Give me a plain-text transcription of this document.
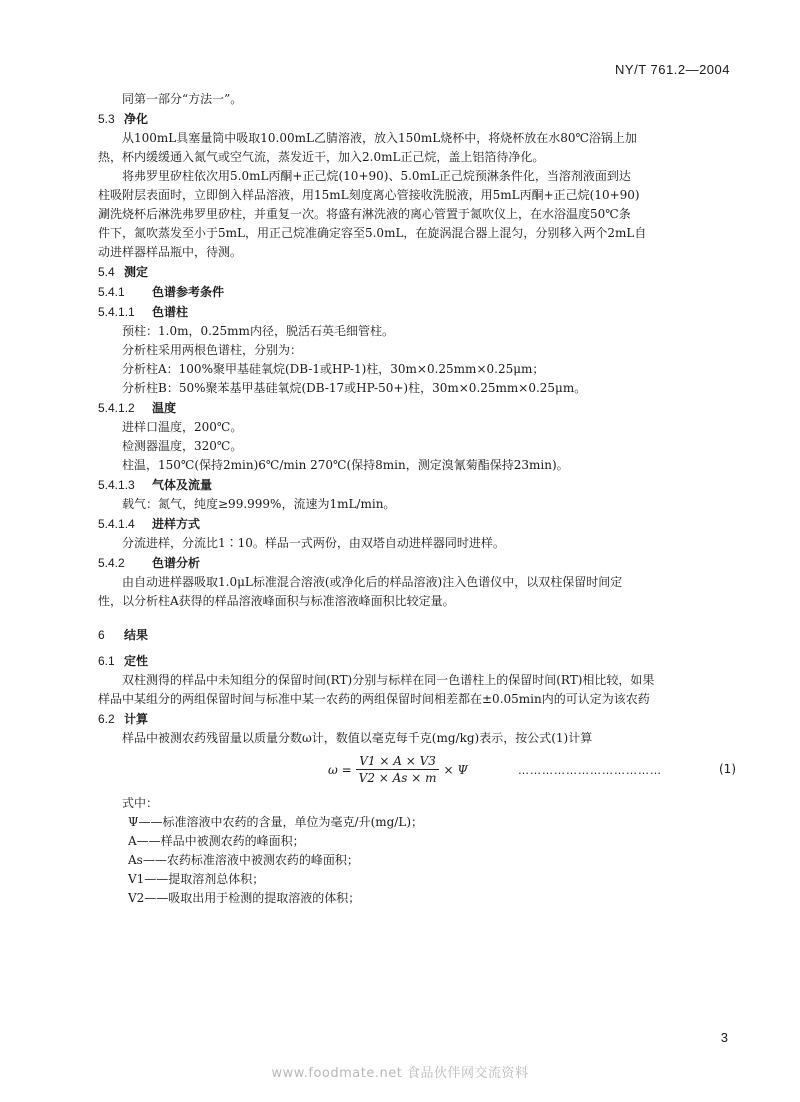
NY/T 761.2—2004

同第一部分“方法一”。

5.3 净化

从100mL具塞量筒中吸取10.00mL乙腈溶液，放入150mL烧杯中，将烧杯放在水80℃浴锅上加

热，杯内缓缓通入氮气或空气流，蒸发近干，加入2.0mL正己烷，盖上铝箔待净化。

将弗罗里矽柱依次用5.0mL丙酮+正己烷(10+90)、5.0mL正己烷预淋条件化，当溶剂液面到达

柱吸附层表面时，立即倒入样品溶液，用15mL刻度离心管接收洗脱液，用5mL丙酮+正己烷(10+90)

涮洗烧杯后淋洗弗罗里矽柱，并重复一次。将盛有淋洗液的离心管置于氮吹仪上，在水浴温度50℃条

件下，氮吹蒸发至小于5mL，用正己烷准确定容至5.0mL，在旋涡混合器上混匀，分别移入两个2mL自

动进样器样品瓶中，待测。

5.4 测定

5.4.1 色谱参考条件

5.4.1.1 色谱柱

预柱：1.0m，0.25mm内径，脱活石英毛细管柱。

分析柱采用两根色谱柱，分别为：

分析柱A：100%聚甲基硅氧烷(DB-1或HP-1)柱，30m×0.25mm×0.25μm；

分析柱B：50%聚苯基甲基硅氧烷(DB-17或HP-50+)柱，30m×0.25mm×0.25μm。

5.4.1.2 温度

进样口温度，200℃。

检测器温度，320℃。

柱温，150℃(保持2min)6℃/min 270℃(保持8min，测定溴氰菊酯保持23min)。

5.4.1.3 气体及流量

载气：氮气，纯度≥99.999%，流速为1mL/min。

5.4.1.4 进样方式

分流进样，分流比1∶10。样品一式两份，由双塔自动进样器同时进样。

5.4.2 色谱分析

由自动进样器吸取1.0μL标准混合溶液(或净化后的样品溶液)注入色谱仪中，以双柱保留时间定

性，以分析柱A获得的样品溶液峰面积与标准溶液峰面积比较定量。

6 结果

6.1 定性

双柱测得的样品中未知组分的保留时间(RT)分别与标样在同一色谱柱上的保留时间(RT)相比较，如果

样品中某组分的两组保留时间与标准中某一农药的两组保留时间相差都在±0.05min内的可认定为该农药

6.2 计算

样品中被测农药残留量以质量分数ω计，数值以毫克每千克(mg/kg)表示，按公式(1)计算

$\omega = \frac{V1 \times A \times V3}{V2 \times As \times m} \times \Psi$	………………………………	(1)

式中：

Ψ——标准溶液中农药的含量，单位为毫克/升(mg/L)；

A——样品中被测农药的峰面积；

As——农药标准溶液中被测农药的峰面积；

V1——提取溶剂总体积；

V2——吸取出用于检测的提取溶液的体积；

3
www.foodmate.net 食品伙伴网交流资料
